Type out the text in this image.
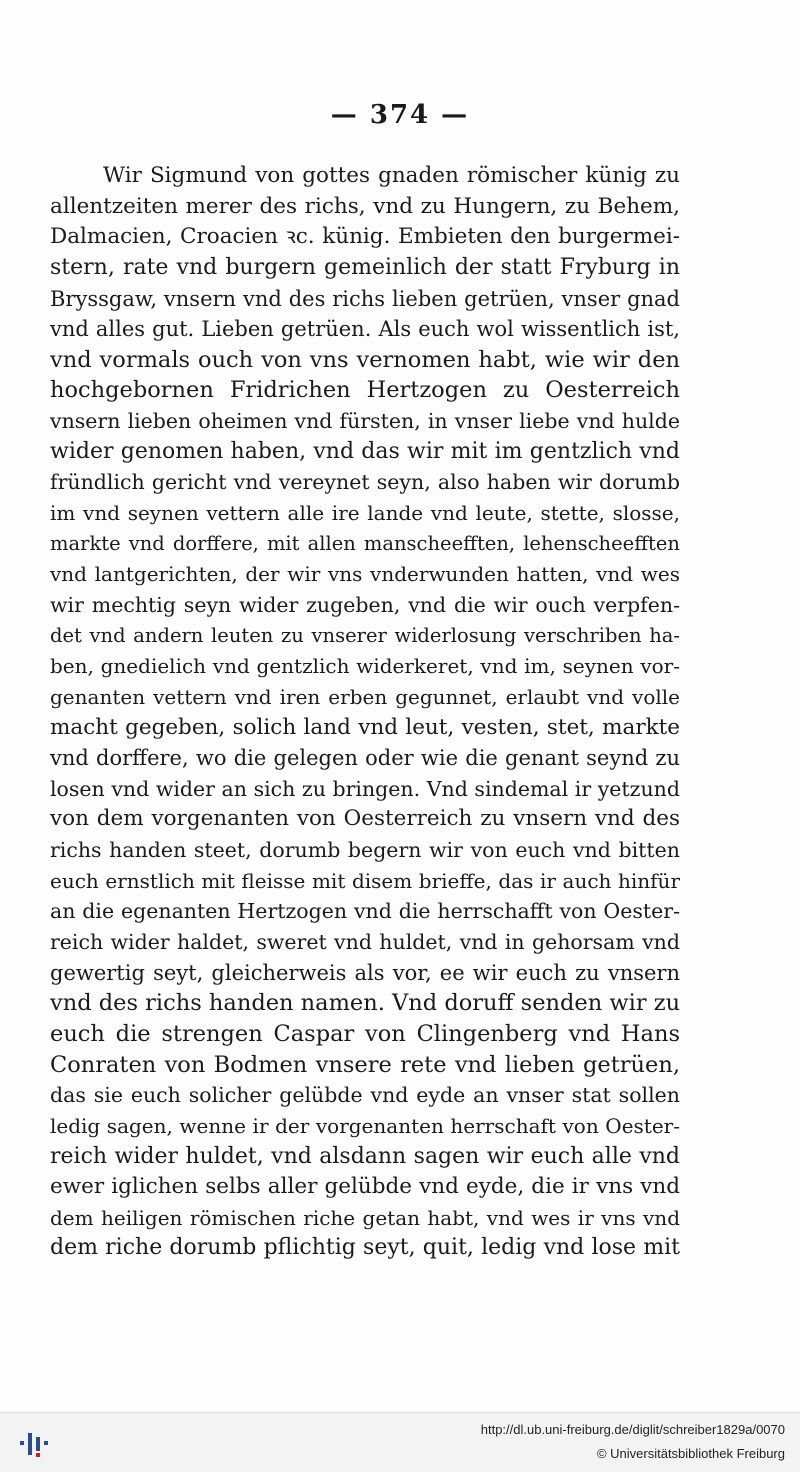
— 374 —
Wir Sigmund von gottes gnaden römischer künig zu
allentzeiten merer des richs, vnd zu Hungern, zu Behem,
Dalmacien, Croacien ꝛc. künig. Embieten den burgermei-
stern, rate vnd burgern gemeinlich der statt Fryburg in
Bryssgaw, vnsern vnd des richs lieben getrüen, vnser gnad
vnd alles gut. Lieben getrüen. Als euch wol wissentlich ist,
vnd vormals ouch von vns vernomen habt, wie wir den
hochgebornen Fridrichen Hertzogen zu Oesterreich
vnsern lieben oheimen vnd fürsten, in vnser liebe vnd hulde
wider genomen haben, vnd das wir mit im gentzlich vnd
fründlich gericht vnd vereynet seyn, also haben wir dorumb
im vnd seynen vettern alle ire lande vnd leute, stette, slosse,
markte vnd dorffere, mit allen manscheefften, lehenscheefften
vnd lantgerichten, der wir vns vnderwunden hatten, vnd wes
wir mechtig seyn wider zugeben, vnd die wir ouch verpfen-
det vnd andern leuten zu vnserer widerlosung verschriben ha-
ben, gnedielich vnd gentzlich widerkeret, vnd im, seynen vor-
genanten vettern vnd iren erben gegunnet, erlaubt vnd volle
macht gegeben, solich land vnd leut, vesten, stet, markte
vnd dorffere, wo die gelegen oder wie die genant seynd zu
losen vnd wider an sich zu bringen. Vnd sindemal ir yetzund
von dem vorgenanten von Oesterreich zu vnsern vnd des
richs handen steet, dorumb begern wir von euch vnd bitten
euch ernstlich mit fleisse mit disem brieffe, das ir auch hinfür
an die egenanten Hertzogen vnd die herrschafft von Oester-
reich wider haldet, sweret vnd huldet, vnd in gehorsam vnd
gewertig seyt, gleicherweis als vor, ee wir euch zu vnsern
vnd des richs handen namen. Vnd doruff senden wir zu
euch die strengen Caspar von Clingenberg vnd Hans
Conraten von Bodmen vnsere rete vnd lieben getrüen,
das sie euch solicher gelübde vnd eyde an vnser stat sollen
ledig sagen, wenne ir der vorgenanten herrschaft von Oester-
reich wider huldet, vnd alsdann sagen wir euch alle vnd
ewer iglichen selbs aller gelübde vnd eyde, die ir vns vnd
dem heiligen römischen riche getan habt, vnd wes ir vns vnd
dem riche dorumb pflichtig seyt, quit, ledig vnd lose mit
http://dl.ub.uni-freiburg.de/diglit/schreiber1829a/0070
© Universitätsbibliothek Freiburg
